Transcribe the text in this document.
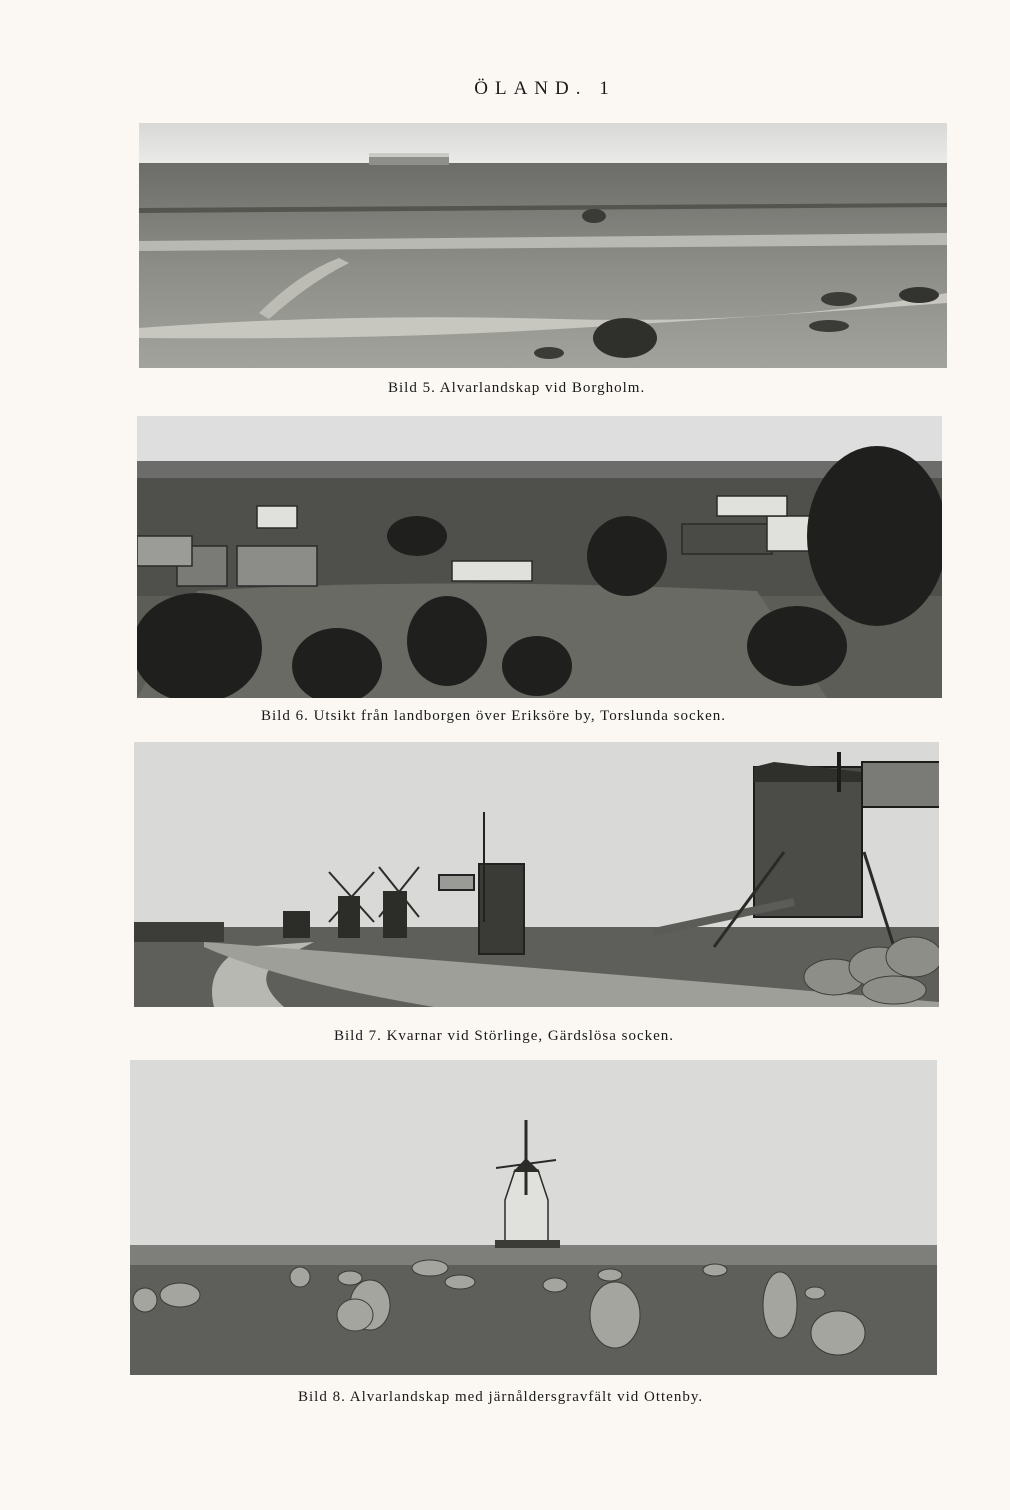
ÖLAND. 1
Bild 5. Alvarlandskap vid Borgholm.
Bild 6. Utsikt från landborgen över Eriksöre by, Torslunda socken.
Bild 7. Kvarnar vid Störlinge, Gärdslösa socken.
Bild 8. Alvarlandskap med järnåldersgravfält vid Ottenby.
